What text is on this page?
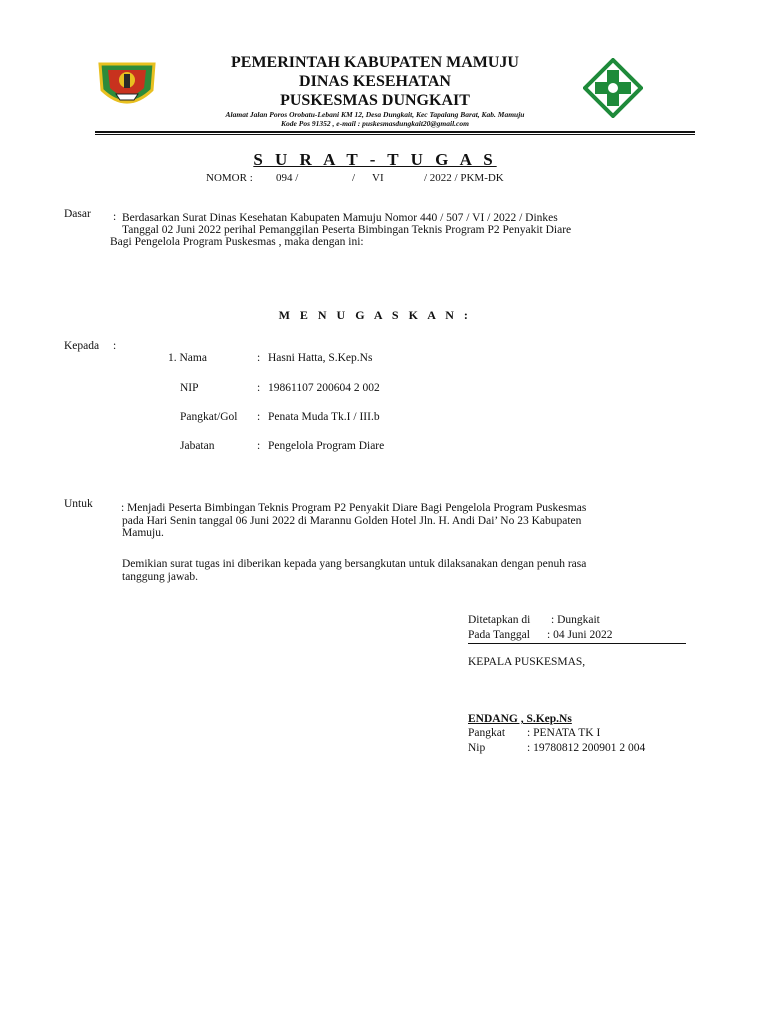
PEMERINTAH KABUPATEN MAMUJU
DINAS KESEHATAN
PUSKESMAS DUNGKAIT
Alamat Jalan Poros Orobatu-Lebani KM 12, Desa Dungkait, Kec Tapalang Barat, Kab. Mamuju
Kode Pos 91352 , e-mail : puskesmasdungkait20@gmail.com
S U R A T - T U G A S
NOMOR : 094 /	/ VI	/ 2022 / PKM-DK
Dasar : Berdasarkan Surat Dinas Kesehatan Kabupaten Mamuju Nomor 440 / 507 / VI / 2022 / Dinkes
Tanggal 02 Juni 2022 perihal Pemanggilan Peserta Bimbingan Teknis Program P2 Penyakit Diare
Bagi Pengelola Program Puskesmas , maka dengan ini:
M E N U G A S K A N :
Kepada :
1. Nama	: Hasni Hatta, S.Kep.Ns
NIP	: 19861107 200604 2 002
Pangkat/Gol : Penata Muda Tk.I / III.b
Jabatan	: Pengelola Program Diare
Untuk : Menjadi Peserta Bimbingan Teknis Program P2 Penyakit Diare Bagi Pengelola Program Puskesmas
pada Hari Senin tanggal 06 Juni 2022 di Marannu Golden Hotel Jln. H. Andi Dai’ No 23 Kabupaten
Mamuju.
Demikian surat tugas ini diberikan kepada yang bersangkutan untuk dilaksanakan dengan penuh rasa
tanggung jawab.
Ditetapkan di : Dungkait
Pada Tanggal : 04 Juni 2022
KEPALA PUSKESMAS,
ENDANG , S.Kep.Ns
Pangkat : PENATA TK I
Nip	: 19780812 200901 2 004
